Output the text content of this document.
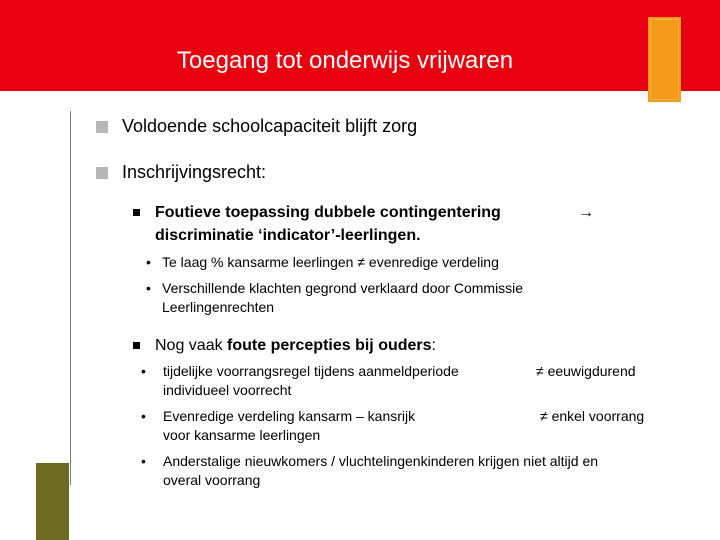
Toegang tot onderwijs vrijwaren
Voldoende schoolcapaciteit blijft zorg
Inschrijvingsrecht:
Foutieve toepassing dubbele contingentering	→
discriminatie ‘indicator’-leerlingen.
• Te laag % kansarme leerlingen ≠ evenredige verdeling
• Verschillende klachten gegrond verklaard door Commissie
Leerlingenrechten
Nog vaak foute percepties bij ouders:
• tijdelijke voorrangsregel tijdens aanmeldperiode
individueel voorrecht
≠ eeuwigdurend
• Evenredige verdeling kansarm – kansrijk
voor kansarme leerlingen
≠ enkel voorrang
• Anderstalige nieuwkomers / vluchtelingenkinderen krijgen niet altijd en
overal voorrang
